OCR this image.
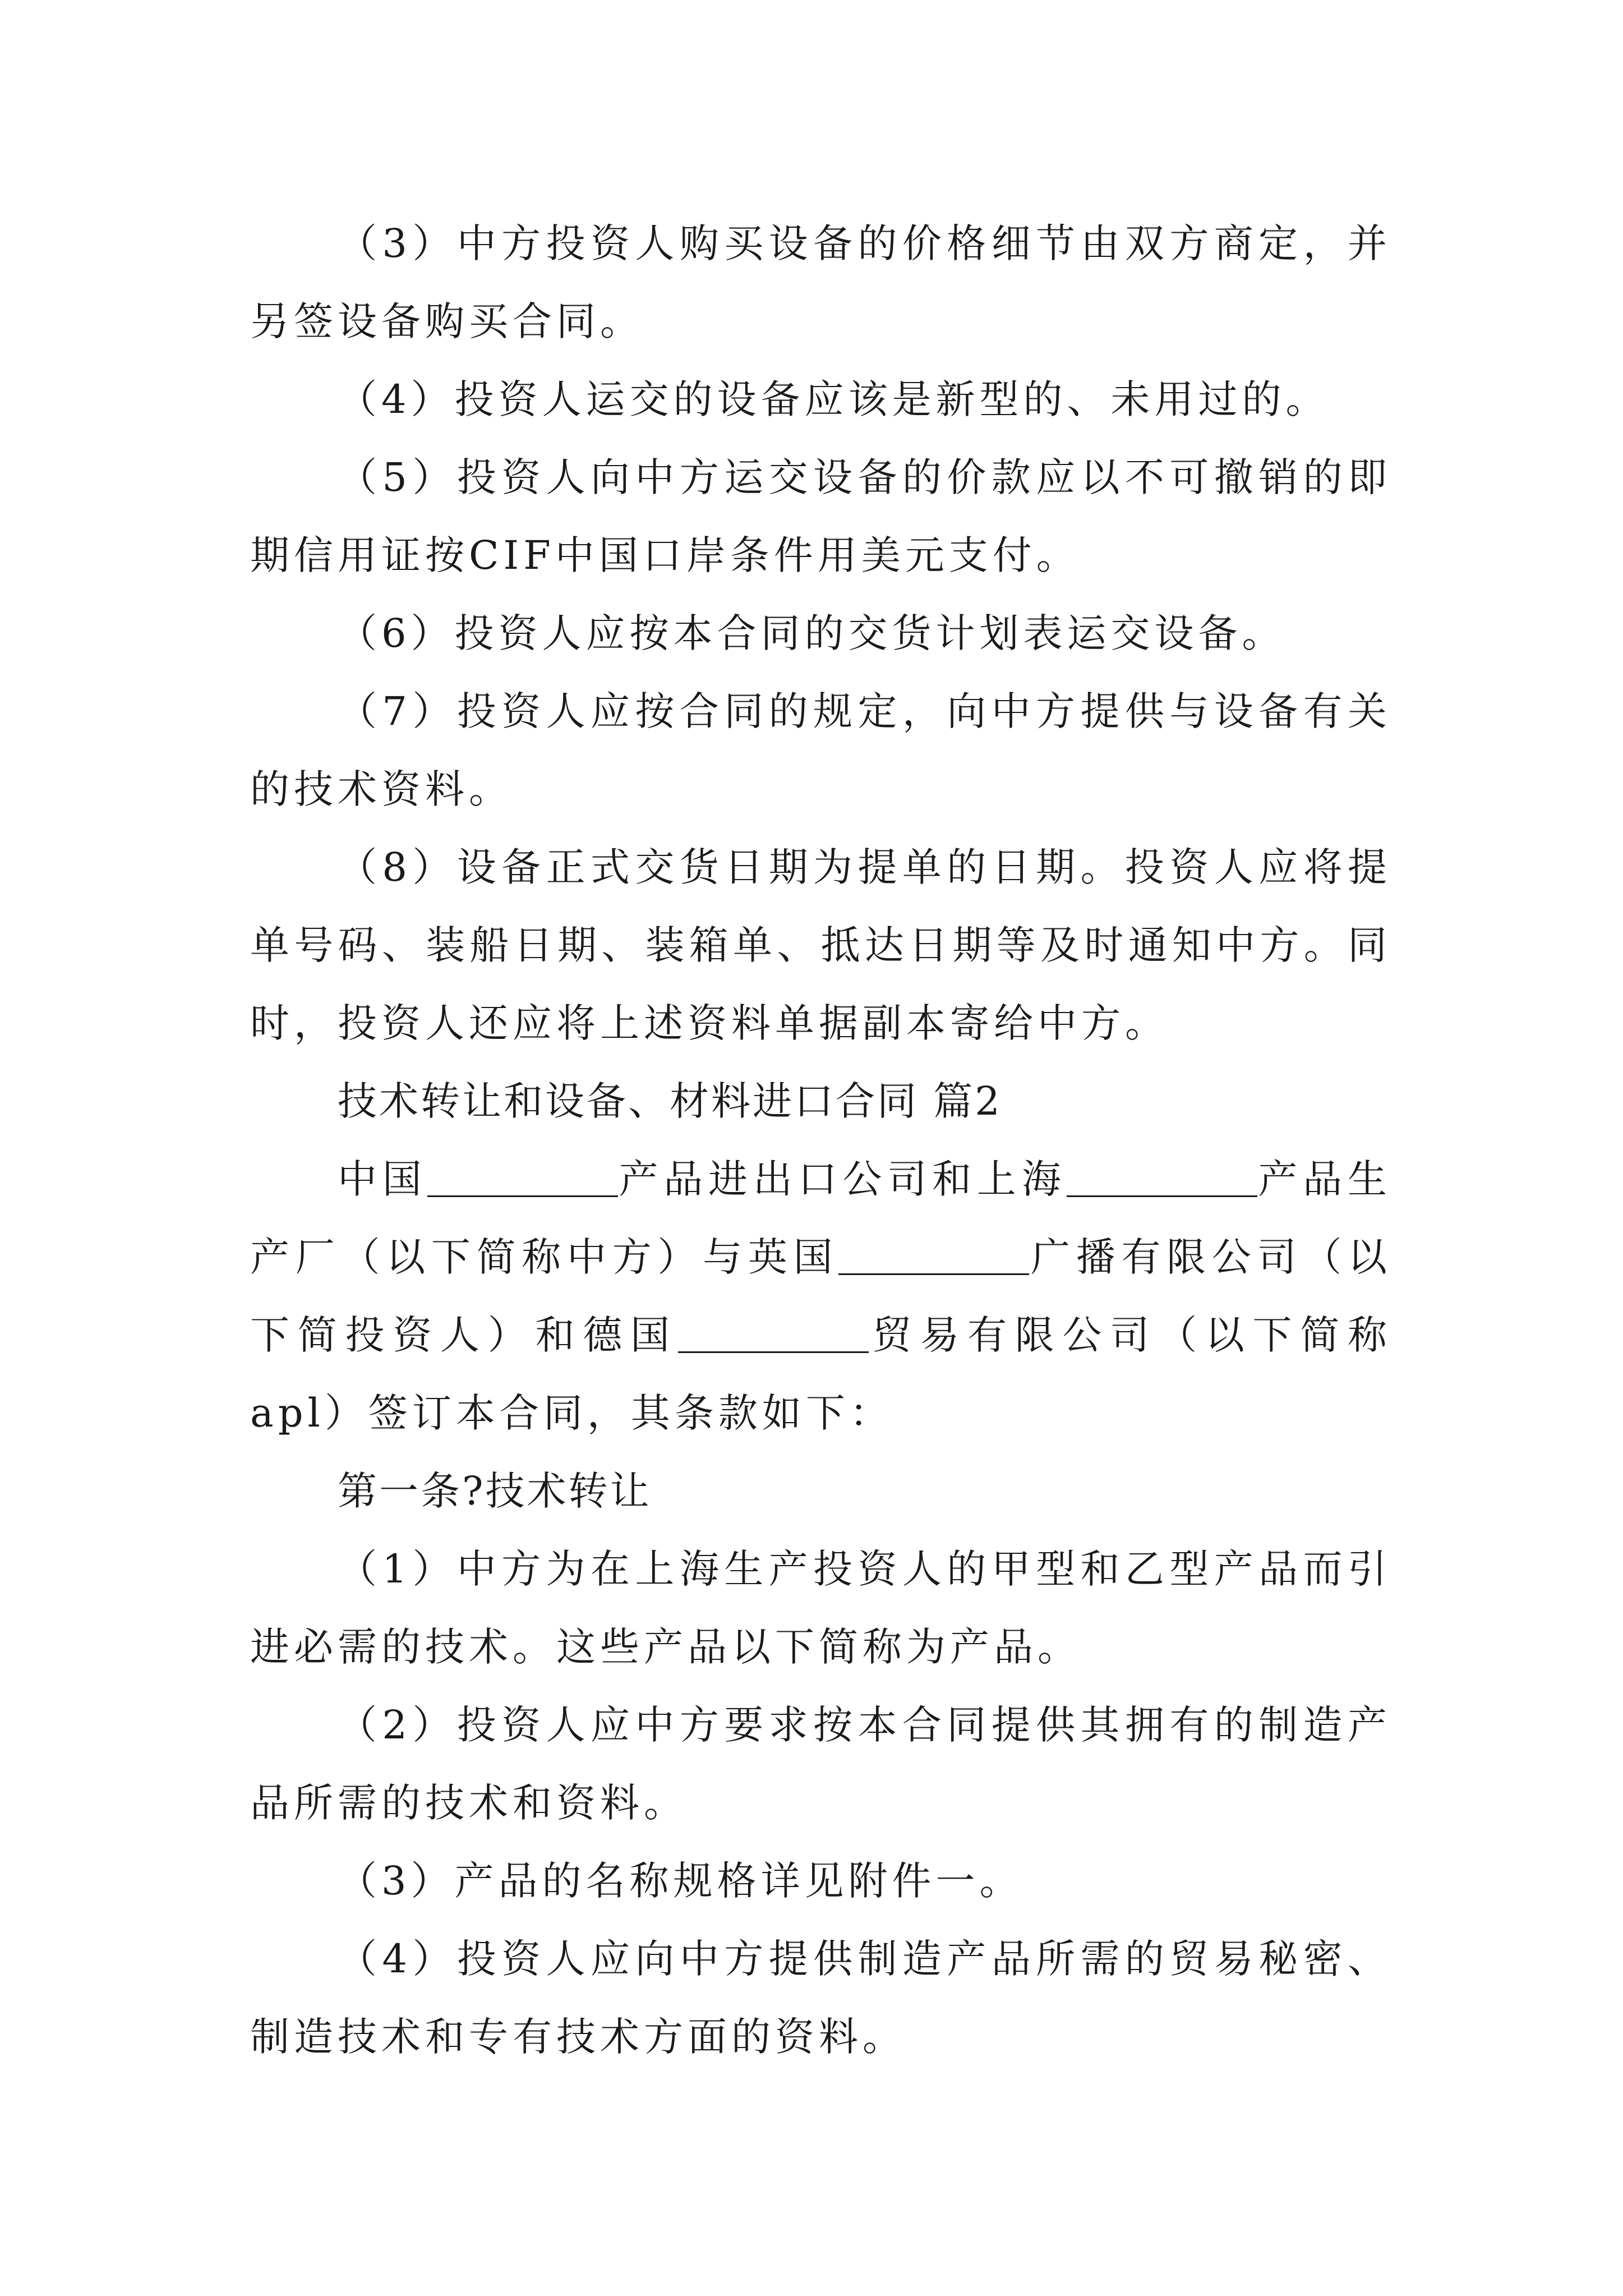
（3）中方投资人购买设备的价格细节由双方商定，并另签设备购买合同。

（4）投资人运交的设备应该是新型的、未用过的。

（5）投资人向中方运交设备的价款应以不可撤销的即期信用证按CIF中国口岸条件用美元支付。

（6）投资人应按本合同的交货计划表运交设备。

（7）投资人应按合同的规定，向中方提供与设备有关的技术资料。

（8）设备正式交货日期为提单的日期。投资人应将提单号码、装船日期、装箱单、抵达日期等及时通知中方。同时，投资人还应将上述资料单据副本寄给中方。

技术转让和设备、材料进口合同 篇2

中国	产品进出口公司和上海	产品生产厂（以下简称中方）与英国	广播有限公司（以下简投资人）和德国	贸易有限公司（以下简称apl）签订本合同，其条款如下：

第一条?技术转让

（1）中方为在上海生产投资人的甲型和乙型产品而引进必需的技术。这些产品以下简称为产品。

（2）投资人应中方要求按本合同提供其拥有的制造产品所需的技术和资料。

（3）产品的名称规格详见附件一。

（4）投资人应向中方提供制造产品所需的贸易秘密、制造技术和专有技术方面的资料。
